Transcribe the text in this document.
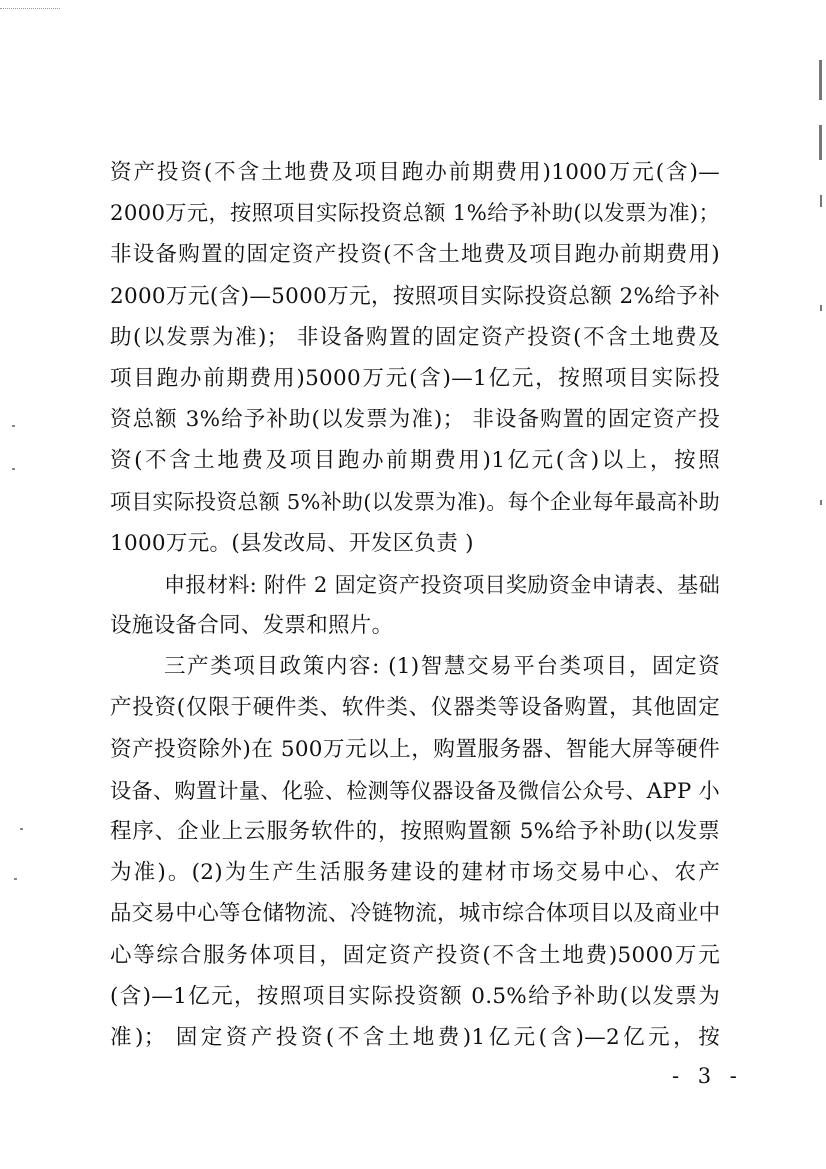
资产投资(不含土地费及项目跑办前期费用)1000万元(含)—
2000万元，按照项目实际投资总额 1%给予补助(以发票为准)；
非设备购置的固定资产投资(不含土地费及项目跑办前期费用)
2000万元(含)—5000万元，按照项目实际投资总额 2%给予补
助(以发票为准)； 非设备购置的固定资产投资(不含土地费及
项目跑办前期费用)5000万元(含)—1亿元，按照项目实际投
资总额 3%给予补助(以发票为准)； 非设备购置的固定资产投
资(不含土地费及项目跑办前期费用)1亿元(含)以上，按照
项目实际投资总额 5%补助(以发票为准)。每个企业每年最高补助
1000万元。(县发改局、开发区负责 )
申报材料: 附件 2 固定资产投资项目奖励资金申请表、基础
设施设备合同、发票和照片。
三产类项目政策内容: (1)智慧交易平台类项目，固定资
产投资(仅限于硬件类、软件类、仪器类等设备购置，其他固定
资产投资除外)在 500万元以上，购置服务器、智能大屏等硬件
设备、购置计量、化验、检测等仪器设备及微信公众号、APP 小
程序、企业上云服务软件的，按照购置额 5%给予补助(以发票
为准)。(2)为生产生活服务建设的建材市场交易中心、农产
品交易中心等仓储物流、冷链物流，城市综合体项目以及商业中
心等综合服务体项目，固定资产投资(不含土地费)5000万元
(含)—1亿元，按照项目实际投资额 0.5%给予补助(以发票为
准)； 固定资产投资(不含土地费)1亿元(含)—2亿元，按
- 3 -
